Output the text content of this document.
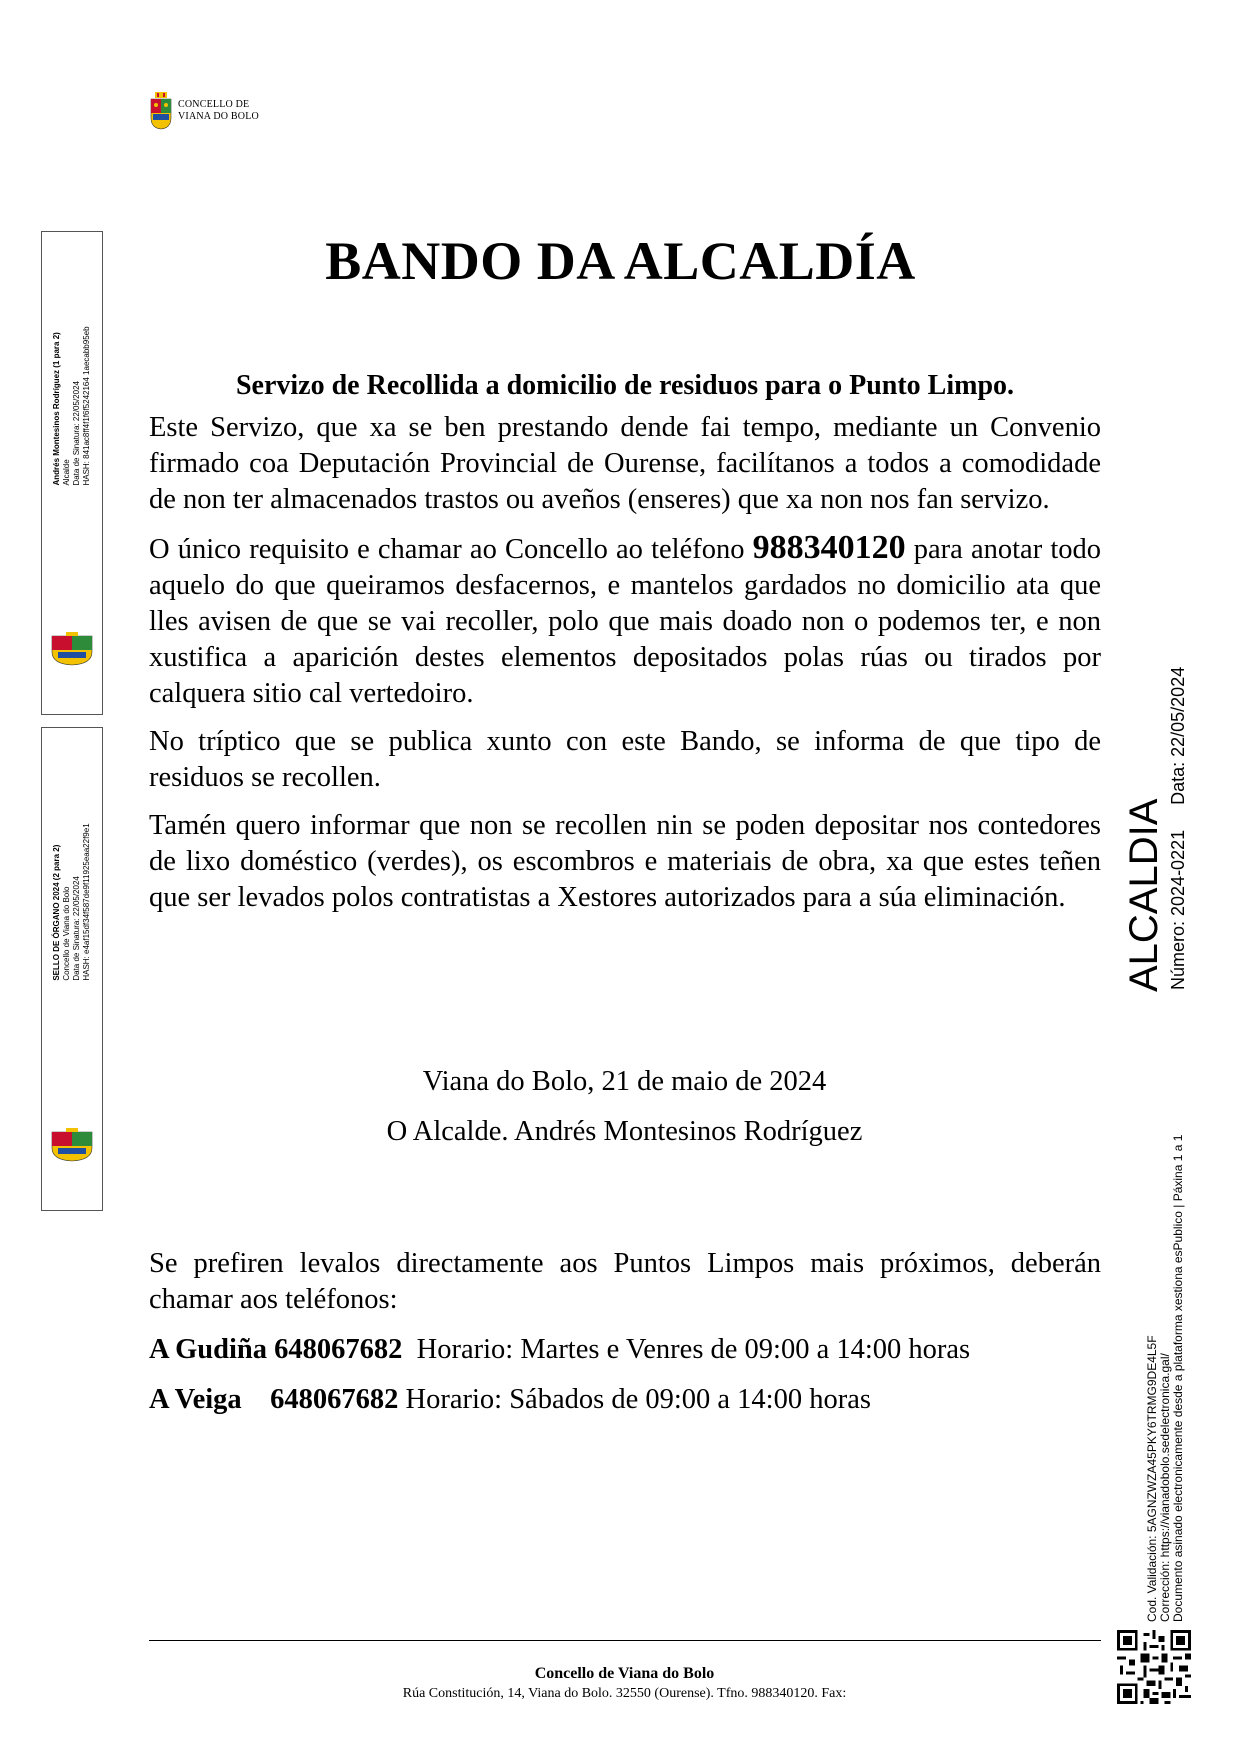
CONCELLO DE
VIANA DO BOLO
Andrés Montesinos Rodríguez (1 para 2) Alcalde Data de Sinatura: 22/05/2024 HASH: 841ac8ff4f1f6f5242164 1aecabb95eb
SELLO DE ÓRGANO 2024 (2 para 2) Concello de Viana do Bolo Data de Sinatura: 22/05/2024 HASH: e4af15df34f587de9f11925eaa22f9e1
BANDO DA ALCALDÍA
Servizo de Recollida a domicilio de residuos para o Punto Limpo.

Este Servizo, que xa se ben prestando dende fai tempo, mediante un Convenio firmado coa Deputación Provincial de Ourense, facilítanos a todos a comodidade de non ter almacenados trastos ou aveños (enseres) que xa non nos fan servizo.

O único requisito e chamar ao Concello ao teléfono 988340120 para anotar todo aquelo do que queiramos desfacernos, e mantelos gardados no domicilio ata que lles avisen de que se vai recoller, polo que mais doado non o podemos ter, e non xustifica a aparición destes elementos depositados polas rúas ou tirados por calquera sitio cal vertedoiro.

No tríptico que se publica xunto con este Bando, se informa de que tipo de residuos se recollen.

Tamén quero informar que non se recollen nin se poden depositar nos contedores de lixo doméstico (verdes), os escombros e materiais de obra, xa que estes teñen que ser levados polos contratistas a Xestores autorizados para a súa eliminación.

Viana do Bolo, 21 de maio de 2024
O Alcalde. Andrés Montesinos Rodríguez

Se prefiren levalos directamente aos Puntos Limpos mais próximos, deberán chamar aos teléfonos:

A Gudiña 648067682 Horario: Martes e Venres de 09:00 a 14:00 horas

A Veiga 648067682 Horario: Sábados de 09:00 a 14:00 horas

Concello de Viana do Bolo
Rúa Constitución, 14, Viana do Bolo. 32550 (Ourense). Tfno. 988340120. Fax:
ALCALDIA Número: 2024-0221     Data: 22/05/2024
Cod. Validación: 5AGNZWZA45PKY6TRMG9DE4L5F Corrección: https://vianadobolo.sedelectronica.gal/ Documento asinado electronicamente desde a plataforma xestiona esPublico | Páxina 1 a 1
